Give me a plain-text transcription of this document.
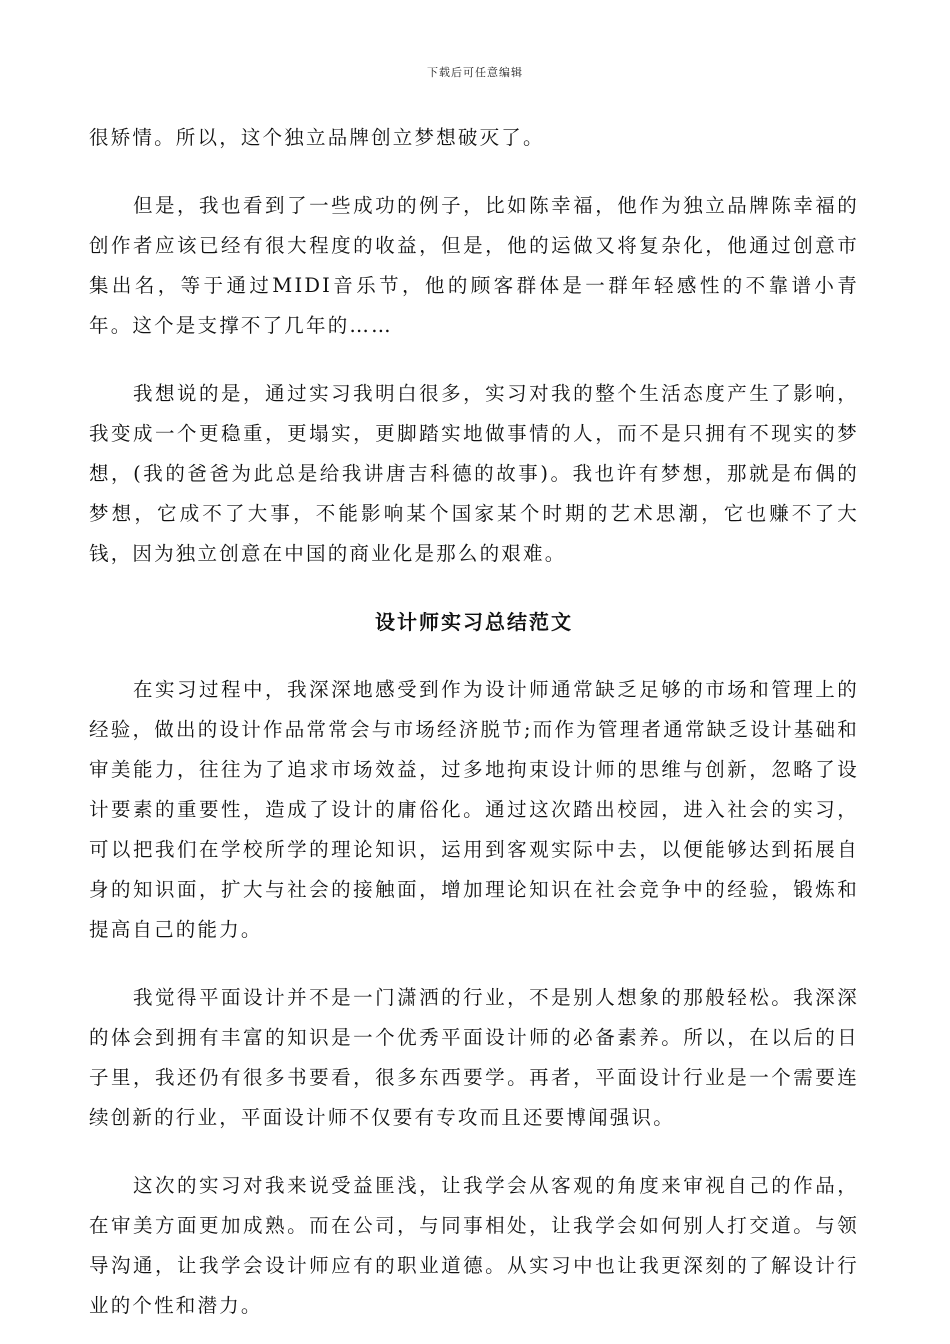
下载后可任意编辑

很矫情。所以，这个独立品牌创立梦想破灭了。

但是，我也看到了一些成功的例子，比如陈幸福，他作为独立品牌陈幸福的创作者应该已经有很大程度的收益，但是，他的运做又将复杂化，他通过创意市集出名，等于通过MIDI音乐节，他的顾客群体是一群年轻感性的不靠谱小青年。这个是支撑不了几年的……

我想说的是，通过实习我明白很多，实习对我的整个生活态度产生了影响，我变成一个更稳重，更塌实，更脚踏实地做事情的人，而不是只拥有不现实的梦想，(我的爸爸为此总是给我讲唐吉科德的故事)。我也许有梦想，那就是布偶的梦想，它成不了大事，不能影响某个国家某个时期的艺术思潮，它也赚不了大钱，因为独立创意在中国的商业化是那么的艰难。

设计师实习总结范文

在实习过程中，我深深地感受到作为设计师通常缺乏足够的市场和管理上的经验，做出的设计作品常常会与市场经济脱节;而作为管理者通常缺乏设计基础和审美能力，往往为了追求市场效益，过多地拘束设计师的思维与创新，忽略了设计要素的重要性，造成了设计的庸俗化。通过这次踏出校园，进入社会的实习，可以把我们在学校所学的理论知识，运用到客观实际中去，以便能够达到拓展自身的知识面，扩大与社会的接触面，增加理论知识在社会竞争中的经验，锻炼和提高自己的能力。

我觉得平面设计并不是一门潇洒的行业，不是别人想象的那般轻松。我深深的体会到拥有丰富的知识是一个优秀平面设计师的必备素养。所以，在以后的日子里，我还仍有很多书要看，很多东西要学。再者，平面设计行业是一个需要连续创新的行业，平面设计师不仅要有专攻而且还要博闻强识。

这次的实习对我来说受益匪浅，让我学会从客观的角度来审视自己的作品，在审美方面更加成熟。而在公司，与同事相处，让我学会如何别人打交道。与领导沟通，让我学会设计师应有的职业道德。从实习中也让我更深刻的了解设计行业的个性和潜力。
